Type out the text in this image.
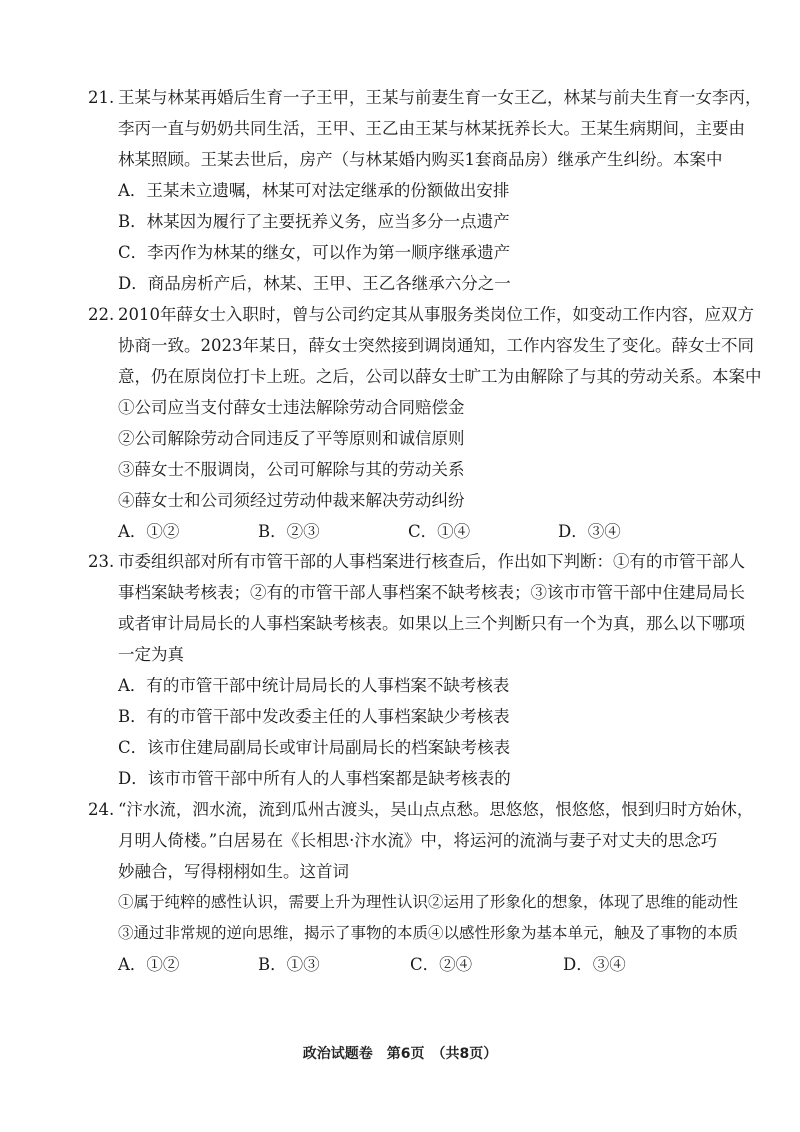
21. 王某与林某再婚后生育一子王甲，王某与前妻生育一女王乙，林某与前夫生育一女李丙，
李丙一直与奶奶共同生活，王甲、王乙由王某与林某抚养长大。王某生病期间，主要由
林某照顾。王某去世后，房产（与林某婚内购买1套商品房）继承产生纠纷。本案中
A．王某未立遗嘱，林某可对法定继承的份额做出安排
B．林某因为履行了主要抚养义务，应当多分一点遗产
C．李丙作为林某的继女，可以作为第一顺序继承遗产
D．商品房析产后，林某、王甲、王乙各继承六分之一
22. 2010年薛女士入职时，曾与公司约定其从事服务类岗位工作，如变动工作内容，应双方
协商一致。2023年某日，薛女士突然接到调岗通知，工作内容发生了变化。薛女士不同
意，仍在原岗位打卡上班。之后，公司以薛女士旷工为由解除了与其的劳动关系。本案中
①公司应当支付薛女士违法解除劳动合同赔偿金
②公司解除劳动合同违反了平等原则和诚信原则
③薛女士不服调岗，公司可解除与其的劳动关系
④薛女士和公司须经过劳动仲裁来解决劳动纠纷
A．①②	B．②③	C．①④	D．③④
23. 市委组织部对所有市管干部的人事档案进行核查后，作出如下判断：①有的市管干部人
事档案缺考核表；②有的市管干部人事档案不缺考核表；③该市市管干部中住建局局长
或者审计局局长的人事档案缺考核表。如果以上三个判断只有一个为真，那么以下哪项
一定为真
A．有的市管干部中统计局局长的人事档案不缺考核表
B．有的市管干部中发改委主任的人事档案缺少考核表
C．该市住建局副局长或审计局副局长的档案缺考核表
D．该市市管干部中所有人的人事档案都是缺考核表的
24. “汴水流，泗水流，流到瓜州古渡头，吴山点点愁。思悠悠，恨悠悠，恨到归时方始休，
月明人倚楼。”白居易在《长相思·汴水流》中，将运河的流淌与妻子对丈夫的思念巧
妙融合，写得栩栩如生。这首词
①属于纯粹的感性认识，需要上升为理性认识②运用了形象化的想象，体现了思维的能动性
③通过非常规的逆向思维，揭示了事物的本质④以感性形象为基本单元，触及了事物的本质
A．①②	B．①③	C．②④	D．③④
政治试题卷　第6页　（共8页）
